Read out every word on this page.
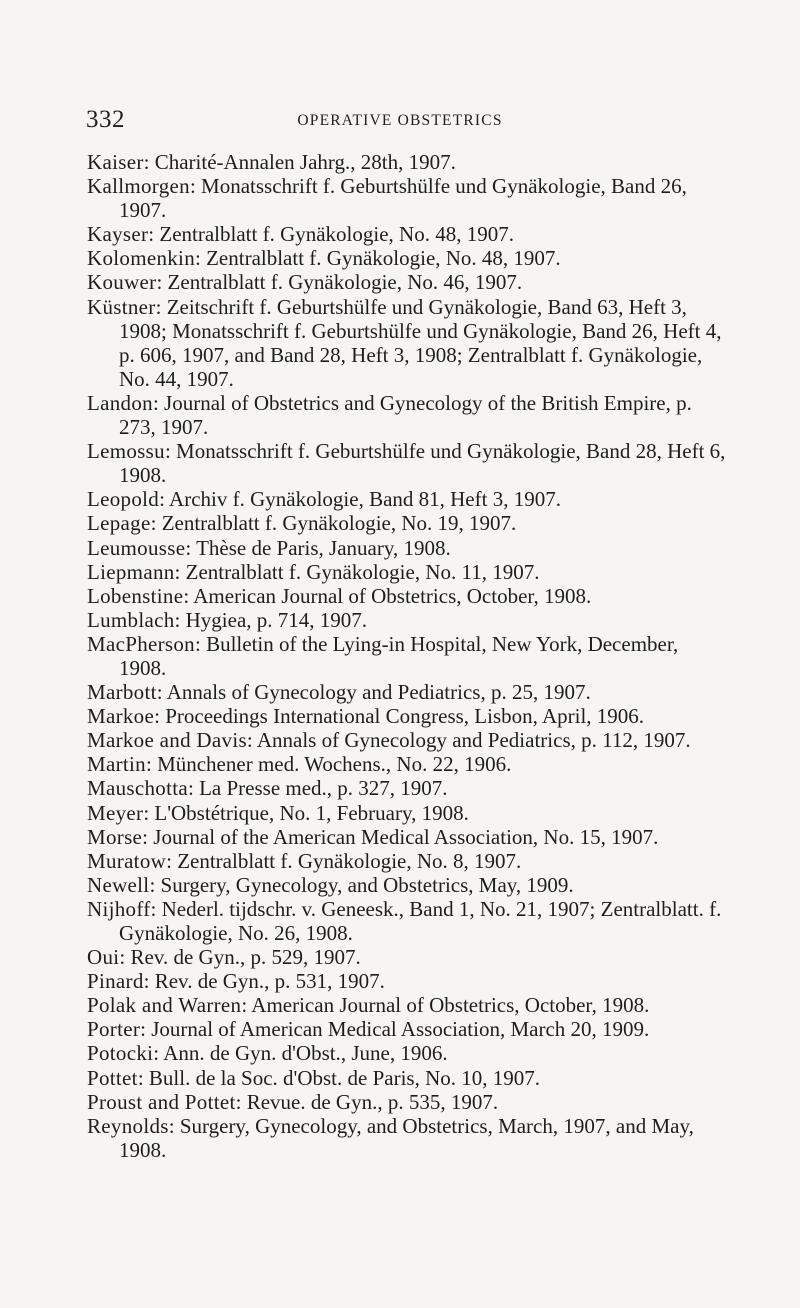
332	OPERATIVE OBSTETRICS
Kaiser: Charité-Annalen Jahrg., 28th, 1907.
Kallmorgen: Monatsschrift f. Geburtshülfe und Gynäkologie, Band 26, 1907.
Kayser: Zentralblatt f. Gynäkologie, No. 48, 1907.
Kolomenkin: Zentralblatt f. Gynäkologie, No. 48, 1907.
Kouwer: Zentralblatt f. Gynäkologie, No. 46, 1907.
Küstner: Zeitschrift f. Geburtshülfe und Gynäkologie, Band 63, Heft 3, 1908; Monatsschrift f. Geburtshülfe und Gynäkologie, Band 26, Heft 4, p. 606, 1907, and Band 28, Heft 3, 1908; Zentralblatt f. Gynäkologie, No. 44, 1907.
Landon: Journal of Obstetrics and Gynecology of the British Empire, p. 273, 1907.
Lemossu: Monatsschrift f. Geburtshülfe und Gynäkologie, Band 28, Heft 6, 1908.
Leopold: Archiv f. Gynäkologie, Band 81, Heft 3, 1907.
Lepage: Zentralblatt f. Gynäkologie, No. 19, 1907.
Leumousse: Thèse de Paris, January, 1908.
Liepmann: Zentralblatt f. Gynäkologie, No. 11, 1907.
Lobenstine: American Journal of Obstetrics, October, 1908.
Lumblach: Hygiea, p. 714, 1907.
MacPherson: Bulletin of the Lying-in Hospital, New York, December, 1908.
Marbott: Annals of Gynecology and Pediatrics, p. 25, 1907.
Markoe: Proceedings International Congress, Lisbon, April, 1906.
Markoe and Davis: Annals of Gynecology and Pediatrics, p. 112, 1907.
Martin: Münchener med. Wochens., No. 22, 1906.
Mauschotta: La Presse med., p. 327, 1907.
Meyer: L'Obstétrique, No. 1, February, 1908.
Morse: Journal of the American Medical Association, No. 15, 1907.
Muratow: Zentralblatt f. Gynäkologie, No. 8, 1907.
Newell: Surgery, Gynecology, and Obstetrics, May, 1909.
Nijhoff: Nederl. tijdschr. v. Geneesk., Band 1, No. 21, 1907; Zentralblatt. f. Gynäkologie, No. 26, 1908.
Oui: Rev. de Gyn., p. 529, 1907.
Pinard: Rev. de Gyn., p. 531, 1907.
Polak and Warren: American Journal of Obstetrics, October, 1908.
Porter: Journal of American Medical Association, March 20, 1909.
Potocki: Ann. de Gyn. d'Obst., June, 1906.
Pottet: Bull. de la Soc. d'Obst. de Paris, No. 10, 1907.
Proust and Pottet: Revue. de Gyn., p. 535, 1907.
Reynolds: Surgery, Gynecology, and Obstetrics, March, 1907, and May, 1908.
